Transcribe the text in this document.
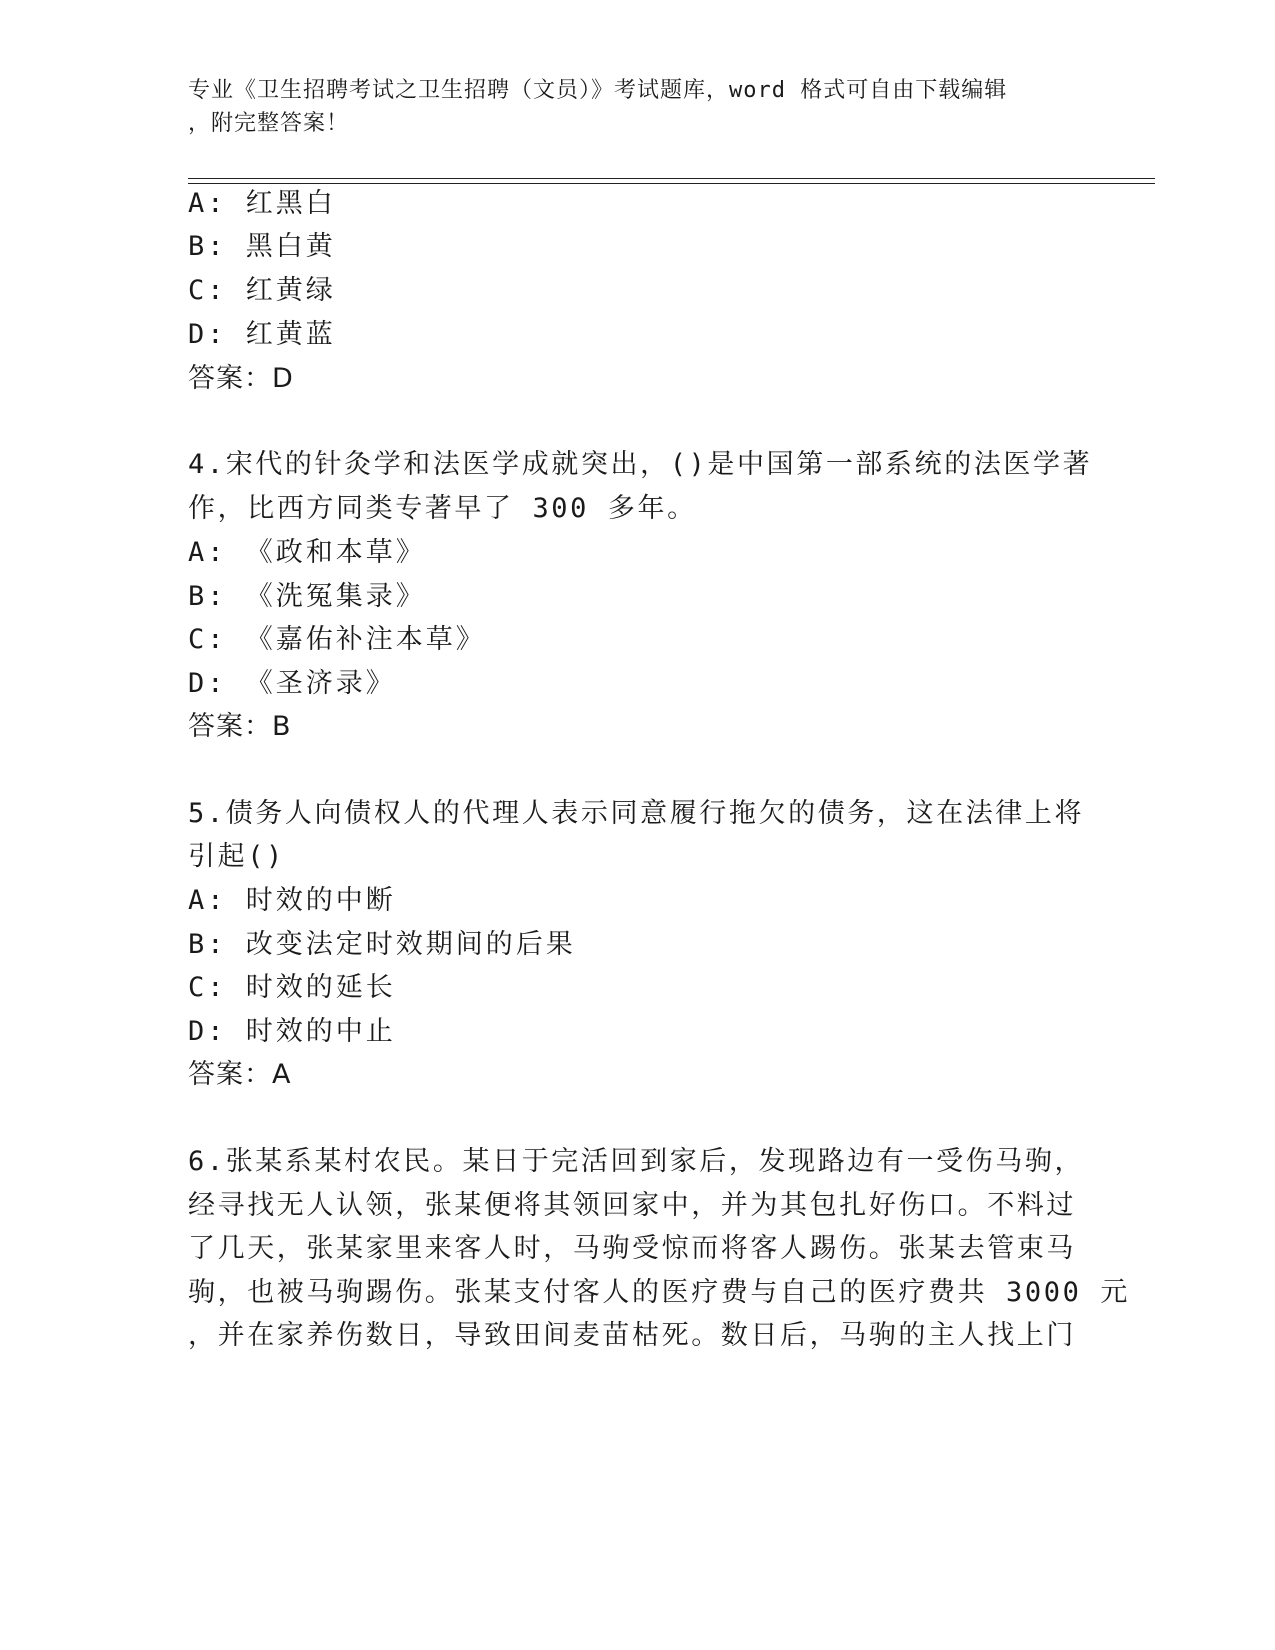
专业《卫生招聘考试之卫生招聘（文员）》考试题库，word 格式可自由下载编辑
，附完整答案！
A: 红黑白
B: 黑白黄
C: 红黄绿
D: 红黄蓝
答案：D
4.宋代的针灸学和法医学成就突出，()是中国第一部系统的法医学著
作，比西方同类专著早了 300 多年。
A: 《政和本草》
B: 《洗冤集录》
C: 《嘉佑补注本草》
D: 《圣济录》
答案：B
5.债务人向债权人的代理人表示同意履行拖欠的债务，这在法律上将
引起()
A: 时效的中断
B: 改变法定时效期间的后果
C: 时效的延长
D: 时效的中止
答案：A
6.张某系某村农民。某日于完活回到家后，发现路边有一受伤马驹，
经寻找无人认领，张某便将其领回家中，并为其包扎好伤口。不料过
了几天，张某家里来客人时，马驹受惊而将客人踢伤。张某去管束马
驹，也被马驹踢伤。张某支付客人的医疗费与自己的医疗费共 3000 元
，并在家养伤数日，导致田间麦苗枯死。数日后，马驹的主人找上门
